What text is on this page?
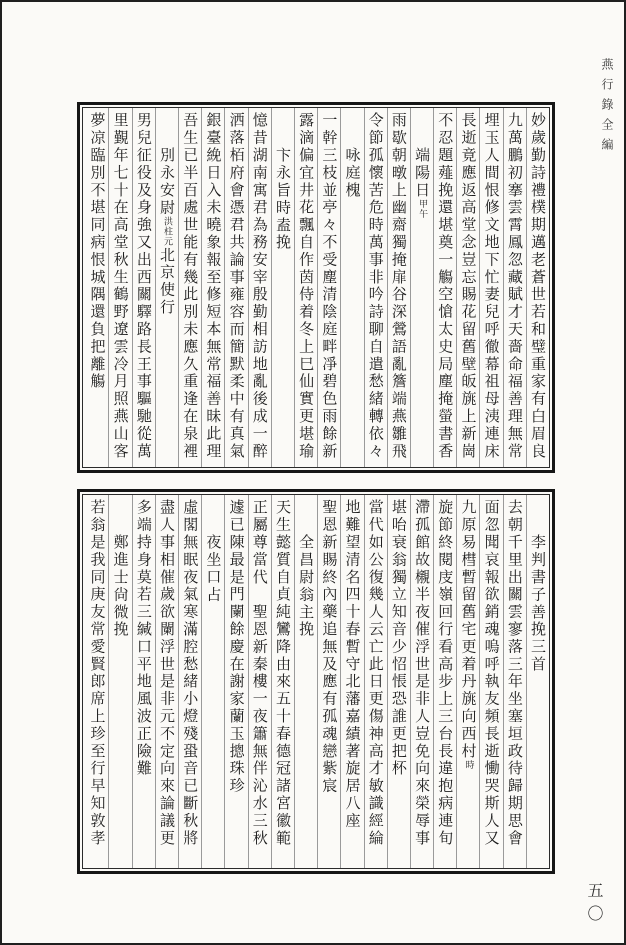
燕行錄全編
妙歲勤詩禮樸期邁老蒼世若和璧重家有白眉良
九萬鵬初搴雲霄鳳忽藏賦才天嗇命福善理無常
埋玉人間恨修文地下忙妻兒呼徹幕祖母洟連床
長逝竟應返高堂念豈忘賜花留舊壁皈旐上新崗
不忍題薤挽還堪奠一觴空愴太史局塵掩螢書香
端陽日甲午
雨歇朝暾上幽齋獨掩扉谷深鶯語亂簷端燕雛飛
令節孤懷苦危時萬事非吟詩聊自遣愁緒轉依々
咏庭槐
一幹三枝並亭々不受塵清陰庭畔凈碧色雨餘新
露滴偏宜井花飄自作茵侍着冬上巳仙實更堪瑜
卞永旨時盍挽
憶昔湖南寓君為務安宰殷勤相訪地亂後成一醉
洒落栢府會憑君共論事雍容而簡默柔中有真氣
銀臺絻日入未曉象報至修短本無常福善昧此理
吾生已半百處世能有幾此別未應久重逢在泉裡
別永安尉洪柱元北京使行
男兒征役及身強又出西關驛路長王事驅馳從萬
里覲年七十在高堂秋生鶴野遼雲冷月照燕山客
夢凉臨別不堪同病恨城隅還負把離觴
李判書子善挽三首
去朝千里出關雲寥落三年坐塞垣政待歸期思會
面忽聞哀報欲銷魂嗚呼執友頻長逝慟哭斯人又
九原易槥暫留舊宅更着丹旐向西村時
旋節終閱庋嶺回行看高步上三台長違抱病連旬
滯孤館故櫬半夜催浮世是非人豈免向來榮辱事
堪咍衰翁獨立知音少怊悵恐誰更把杯
當代如公復幾人云亡此日更傷神高才敏識經綸
地難望清名四十春暫守北藩嘉績著旋居八座
聖恩新賜終內藥追無及應有孤魂戀紫宸
全昌尉翁主挽
天生懿質自貞純鸞降由來五十春德冠諸宮徽範
正屬尊當代　聖恩新秦樓一夜簫無伴沁水三秋
遽已陳最是門闌餘慶在謝家蘭玉摠珠珍
夜坐口占
虛閣無眠夜氣寒滿腔愁緒小燈殘蛩音已斷秋將
盡人事相催歲欲闌浮世是非元不定向來論議更
多端持身莫若三緘口平地風波正險難
鄭進士尙微挽
若翁是我同庚友常愛賢郎席上珍至行早知敦孝
五〇
